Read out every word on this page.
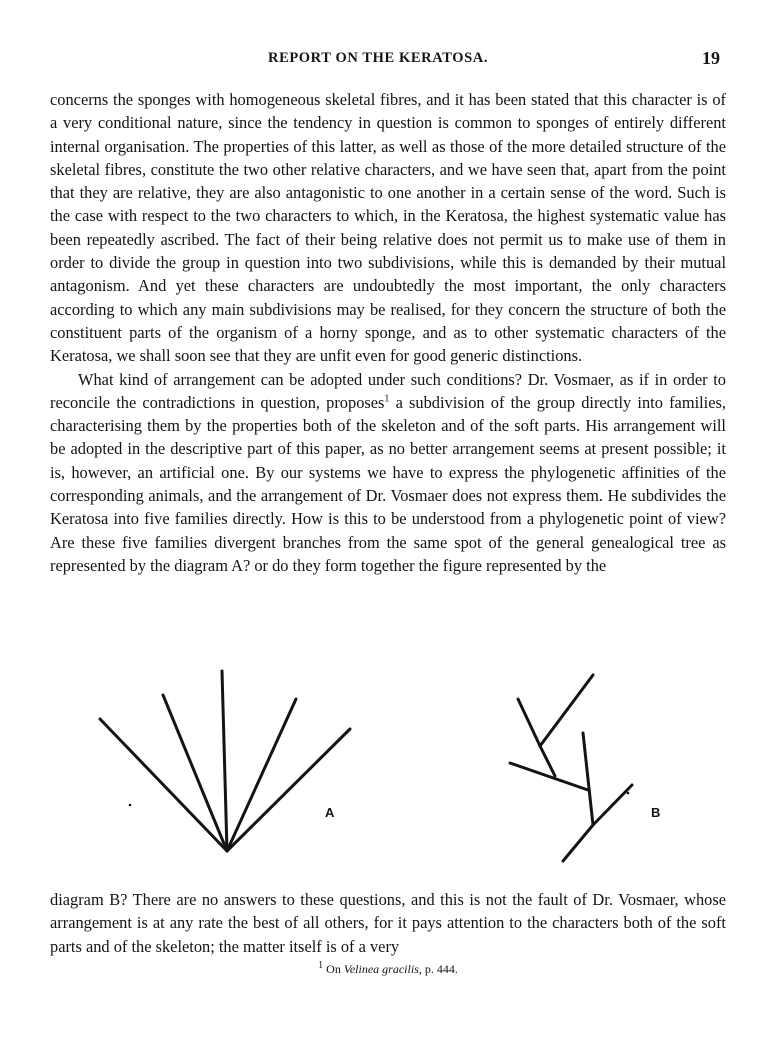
REPORT ON THE KERATOSA.	19

concerns the sponges with homogeneous skeletal fibres, and it has been stated that this character is of a very conditional nature, since the tendency in question is common to sponges of entirely different internal organisation. The properties of this latter, as well as those of the more detailed structure of the skeletal fibres, constitute the two other relative characters, and we have seen that, apart from the point that they are relative, they are also antagonistic to one another in a certain sense of the word. Such is the case with respect to the two characters to which, in the Keratosa, the highest systematic value has been repeatedly ascribed. The fact of their being relative does not permit us to make use of them in order to divide the group in question into two subdivisions, while this is demanded by their mutual antagonism. And yet these characters are undoubtedly the most important, the only characters according to which any main subdivisions may be realised, for they concern the structure of both the constituent parts of the organism of a horny sponge, and as to other systematic characters of the Keratosa, we shall soon see that they are unfit even for good generic distinctions.

What kind of arrangement can be adopted under such conditions? Dr. Vosmaer, as if in order to reconcile the contradictions in question, proposes$^1$ a subdivision of the group directly into families, characterising them by the properties both of the skeleton and of the soft parts. His arrangement will be adopted in the descriptive part of this paper, as no better arrangement seems at present possible; it is, however, an artificial one. By our systems we have to express the phylogenetic affinities of the corresponding animals, and the arrangement of Dr. Vosmaer does not express them. He subdivides the Keratosa into five families directly. How is this to be understood from a phylogenetic point of view? Are these five families divergent branches from the same spot of the general genealogical tree as represented by the diagram A? or do they form together the figure represented by the

A	B

diagram B? There are no answers to these questions, and this is not the fault of Dr. Vosmaer, whose arrangement is at any rate the best of all others, for it pays attention to the characters both of the soft parts and of the skeleton; the matter itself is of a very

$^1$ On Velinea gracilis, p. 444.
